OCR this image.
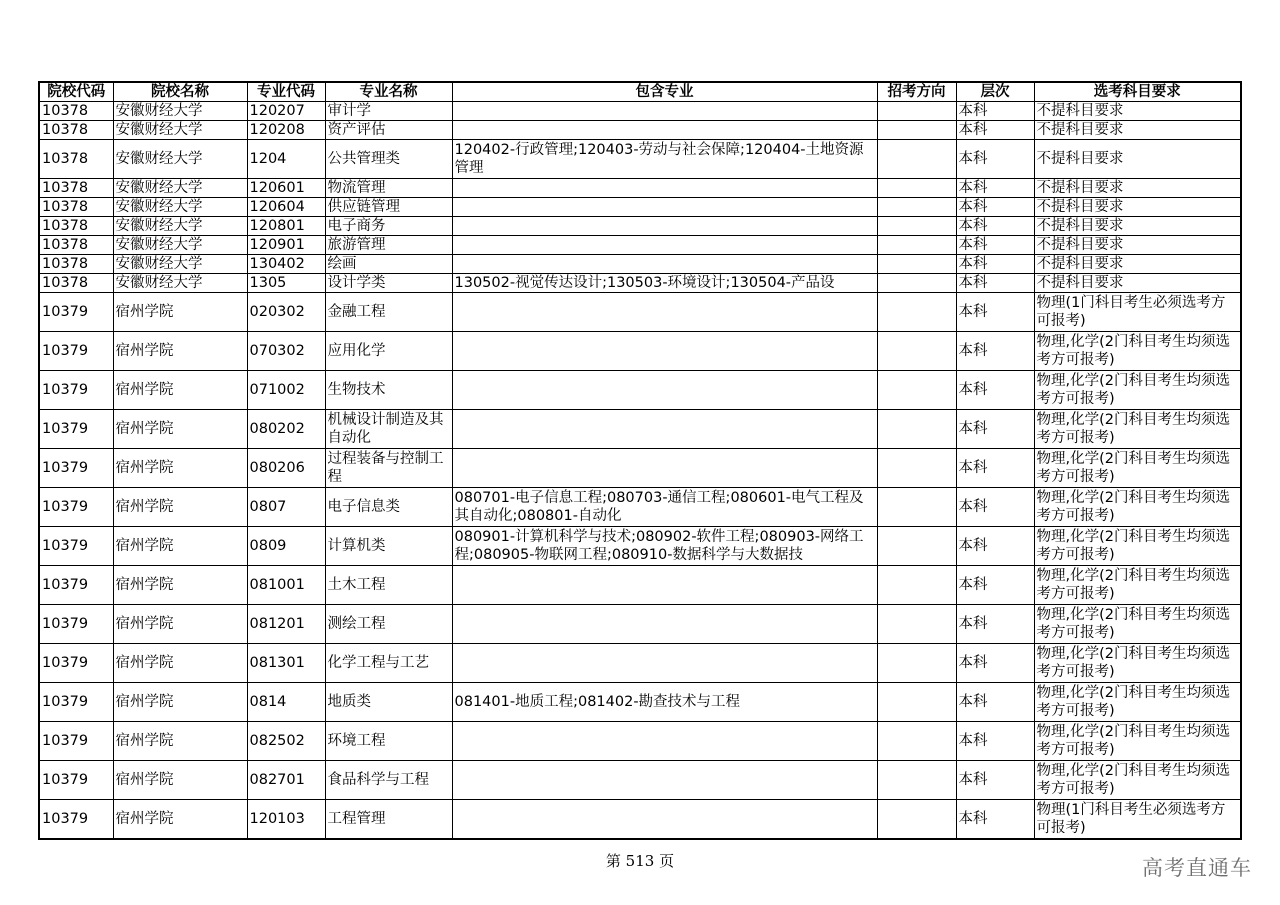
院校代码	院校名称	专业代码	专业名称	包含专业	招考方向	层次	选考科目要求
10378	安徽财经大学	120207	审计学			本科	不提科目要求
10378	安徽财经大学	120208	资产评估			本科	不提科目要求
10378	安徽财经大学	1204	公共管理类	120402-行政管理;120403-劳动与社会保障;120404-土地资源管理		本科	不提科目要求
10378	安徽财经大学	120601	物流管理			本科	不提科目要求
10378	安徽财经大学	120604	供应链管理			本科	不提科目要求
10378	安徽财经大学	120801	电子商务			本科	不提科目要求
10378	安徽财经大学	120901	旅游管理			本科	不提科目要求
10378	安徽财经大学	130402	绘画			本科	不提科目要求
10378	安徽财经大学	1305	设计学类	130502-视觉传达设计;130503-环境设计;130504-产品设		本科	不提科目要求
10379	宿州学院	020302	金融工程			本科	物理(1门科目考生必须选考方可报考)
10379	宿州学院	070302	应用化学			本科	物理,化学(2门科目考生均须选考方可报考)
10379	宿州学院	071002	生物技术			本科	物理,化学(2门科目考生均须选考方可报考)
10379	宿州学院	080202	机械设计制造及其自动化			本科	物理,化学(2门科目考生均须选考方可报考)
10379	宿州学院	080206	过程装备与控制工程			本科	物理,化学(2门科目考生均须选考方可报考)
10379	宿州学院	0807	电子信息类	080701-电子信息工程;080703-通信工程;080601-电气工程及其自动化;080801-自动化		本科	物理,化学(2门科目考生均须选考方可报考)
10379	宿州学院	0809	计算机类	080901-计算机科学与技术;080902-软件工程;080903-网络工程;080905-物联网工程;080910-数据科学与大数据技		本科	物理,化学(2门科目考生均须选考方可报考)
10379	宿州学院	081001	土木工程			本科	物理,化学(2门科目考生均须选考方可报考)
10379	宿州学院	081201	测绘工程			本科	物理,化学(2门科目考生均须选考方可报考)
10379	宿州学院	081301	化学工程与工艺			本科	物理,化学(2门科目考生均须选考方可报考)
10379	宿州学院	0814	地质类	081401-地质工程;081402-勘查技术与工程		本科	物理,化学(2门科目考生均须选考方可报考)
10379	宿州学院	082502	环境工程			本科	物理,化学(2门科目考生均须选考方可报考)
10379	宿州学院	082701	食品科学与工程			本科	物理,化学(2门科目考生均须选考方可报考)
10379	宿州学院	120103	工程管理			本科	物理(1门科目考生必须选考方可报考)
第 513 页	高考直通车
